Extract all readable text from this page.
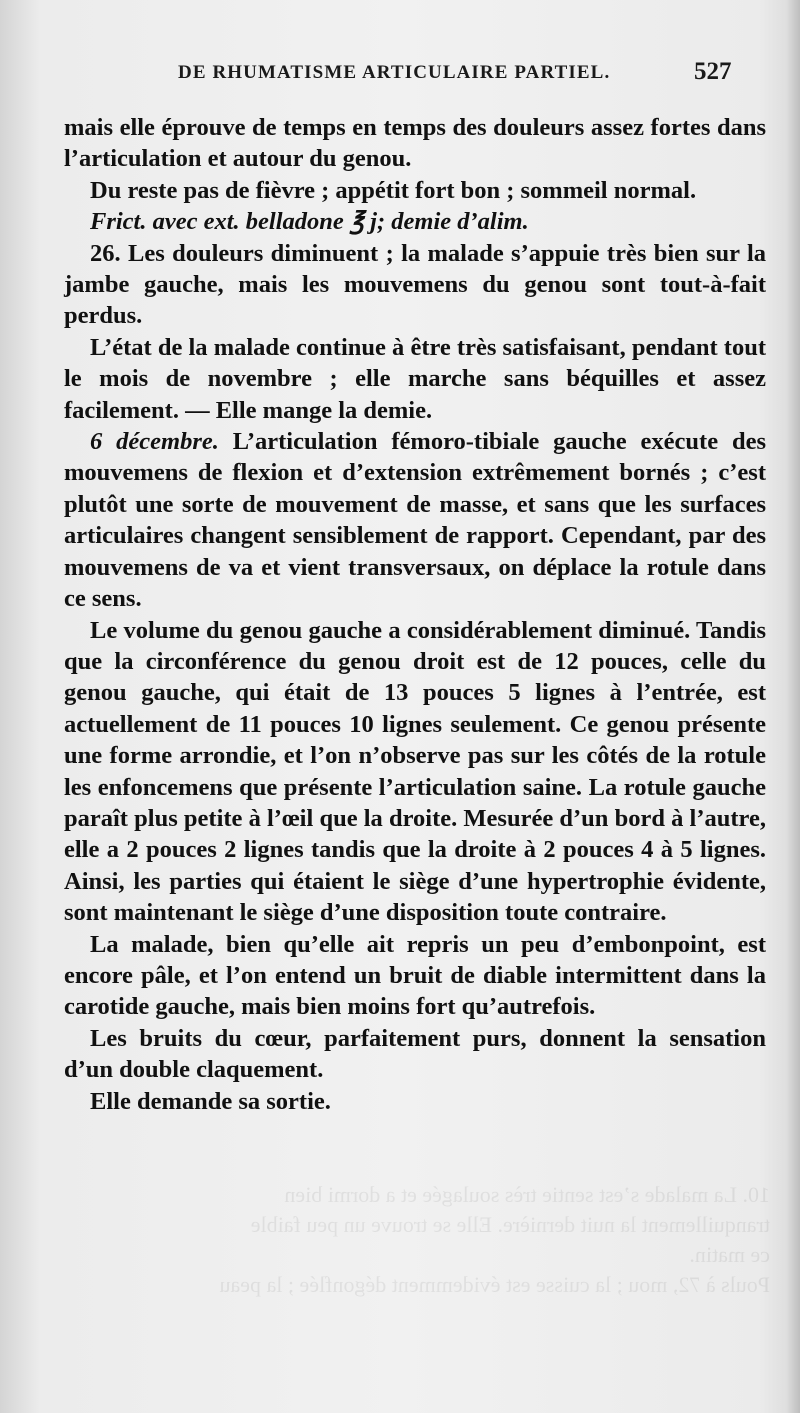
DE RHUMATISME ARTICULAIRE PARTIEL.	527

mais elle éprouve de temps en temps des douleurs assez fortes dans l’articulation et autour du genou.

Du reste pas de fièvre ; appétit fort bon ; sommeil normal.

Frict. avec ext. belladone ℥ j; demie d’alim.

26. Les douleurs diminuent ; la malade s’appuie très bien sur la jambe gauche, mais les mouvemens du genou sont tout-à-fait perdus.

L’état de la malade continue à être très satisfaisant, pendant tout le mois de novembre ; elle marche sans béquilles et assez facilement. — Elle mange la demie.

6 décembre. L’articulation fémoro-tibiale gauche exécute des mouvemens de flexion et d’extension extrêmement bornés ; c’est plutôt une sorte de mouvement de masse, et sans que les surfaces articulaires changent sensiblement de rapport. Cependant, par des mouvemens de va et vient transversaux, on déplace la rotule dans ce sens.

Le volume du genou gauche a considérablement diminué. Tandis que la circonférence du genou droit est de 12 pouces, celle du genou gauche, qui était de 13 pouces 5 lignes à l’entrée, est actuellement de 11 pouces 10 lignes seulement. Ce genou présente une forme arrondie, et l’on n’observe pas sur les côtés de la rotule les enfoncemens que présente l’articulation saine. La rotule gauche paraît plus petite à l’œil que la droite. Mesurée d’un bord à l’autre, elle a 2 pouces 2 lignes tandis que la droite à 2 pouces 4 à 5 lignes. Ainsi, les parties qui étaient le siège d’une hypertrophie évidente, sont maintenant le siège d’une disposition toute contraire.

La malade, bien qu’elle ait repris un peu d’embonpoint, est encore pâle, et l’on entend un bruit de diable intermittent dans la carotide gauche, mais bien moins fort qu’autrefois.

Les bruits du cœur, parfaitement purs, donnent la sensation d’un double claquement.

Elle demande sa sortie.

10. La malade s’est sentie très soulagée et a dormi bien
tranquillement la nuit dernière. Elle se trouve un peu faible
ce matin.
Pouls à 72, mou ; la cuisse est évidemment dégonflée ; la peau
